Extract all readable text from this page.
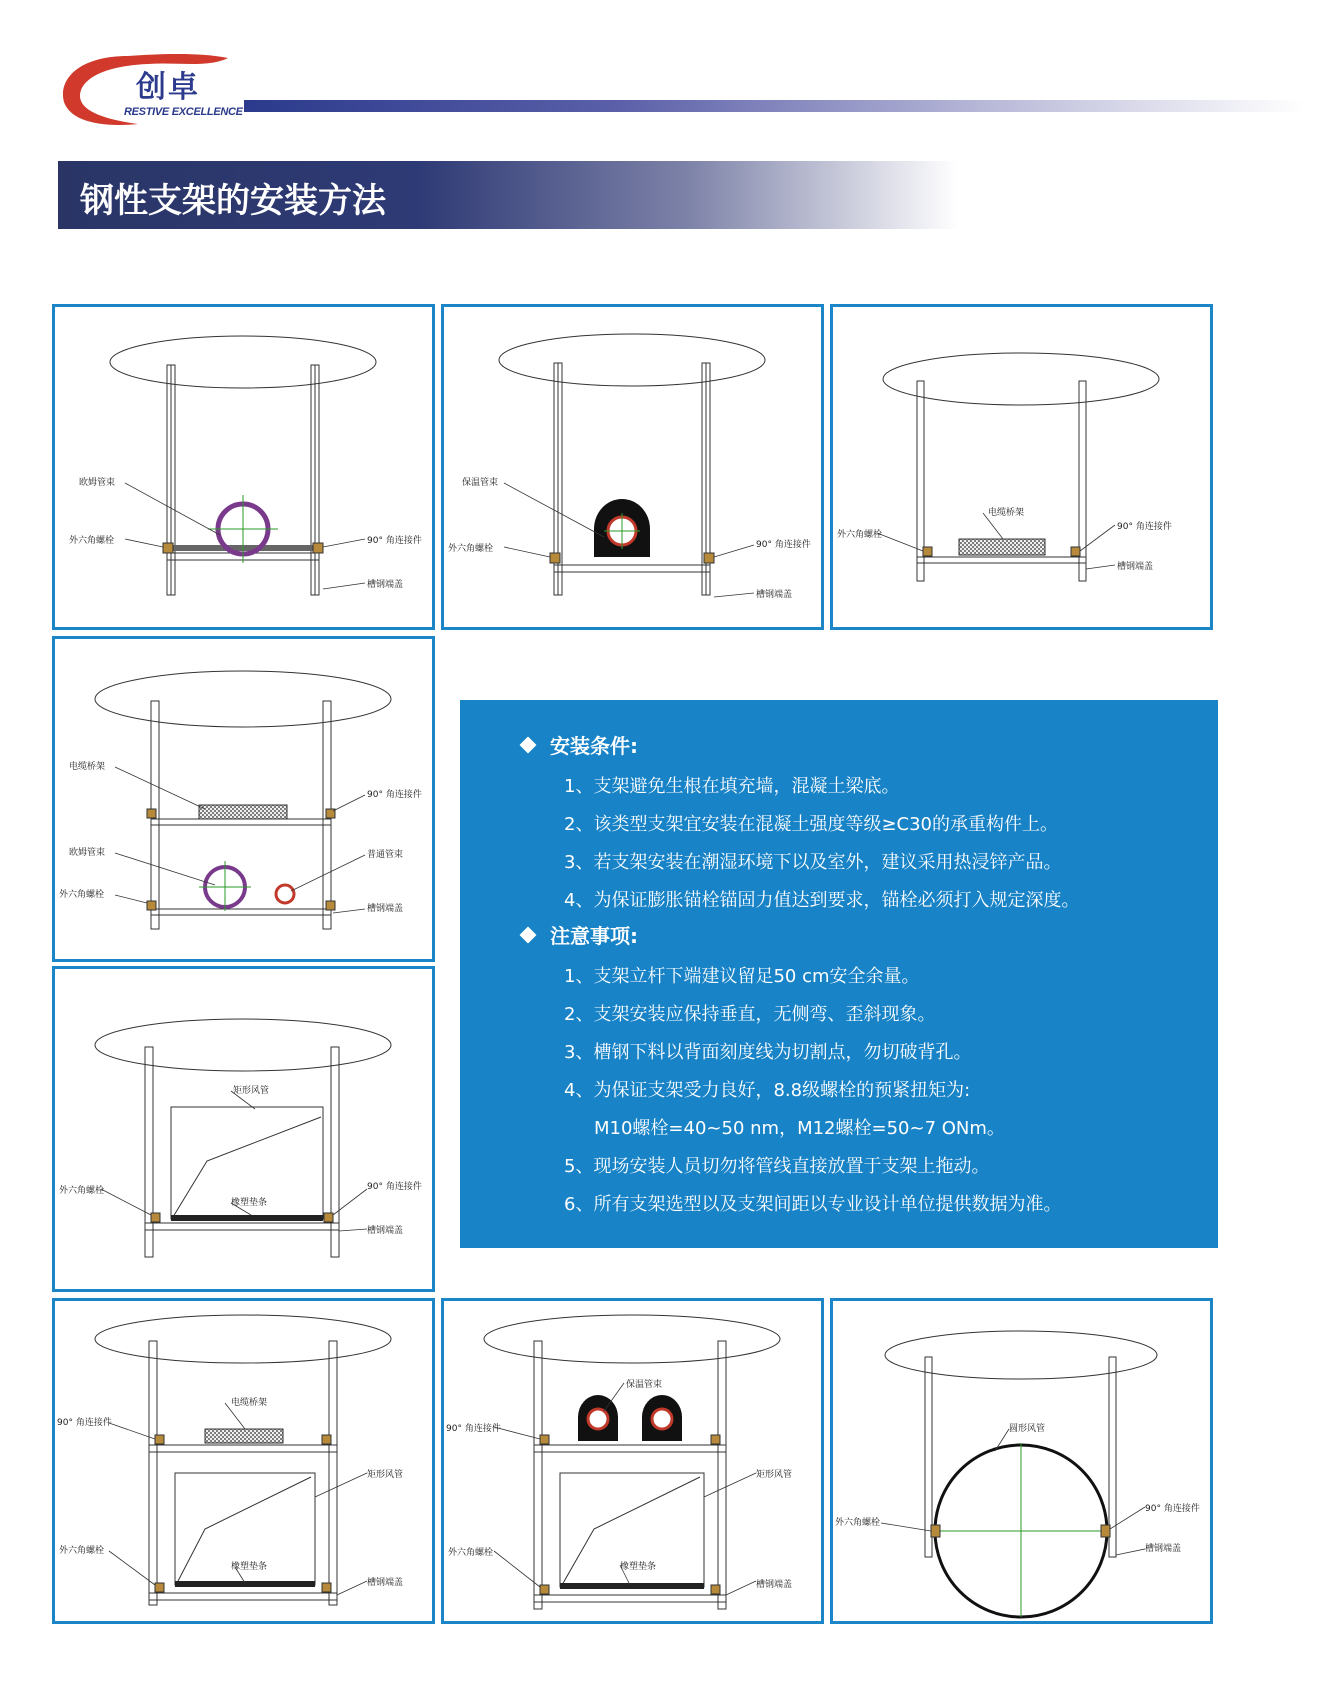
创卓
RESTIVE EXCELLENCE
钢性支架的安装方法
欧姆管束
外六角螺栓	90° 角连接件
槽钢端盖
保温管束
外六角螺栓	90° 角连接件
槽钢端盖
电缆桥架
外六角螺栓
90° 角连接件
槽钢端盖
电缆桥架
90° 角连接件
欧姆管束	普通管束
外六角螺栓
槽钢端盖
矩形风管
外六角螺栓	90° 角连接件
橡塑垫条
槽钢端盖
电缆桥架
90° 角连接件
矩形风管
外六角螺栓
橡塑垫条
槽钢端盖
保温管束
90° 角连接件
矩形风管
外六角螺栓
橡塑垫条
槽钢端盖
圆形风管
90° 角连接件
外六角螺栓
槽钢端盖
安装条件:
1、支架避免生根在填充墙，混凝土梁底。
2、该类型支架宜安装在混凝土强度等级≥C30的承重构件上。
3、若支架安装在潮湿环境下以及室外，建议采用热浸锌产品。
4、为保证膨胀锚栓锚固力值达到要求，锚栓必须打入规定深度。
注意事项:
1、支架立杆下端建议留足50 cm安全余量。
2、支架安装应保持垂直，无侧弯、歪斜现象。
3、槽钢下料以背面刻度线为切割点，勿切破背孔。
4、为保证支架受力良好，8.8级螺栓的预紧扭矩为:
M10螺栓=40~50 nm，M12螺栓=50~7 ONm。
5、现场安装人员切勿将管线直接放置于支架上拖动。
6、所有支架选型以及支架间距以专业设计单位提供数据为准。
